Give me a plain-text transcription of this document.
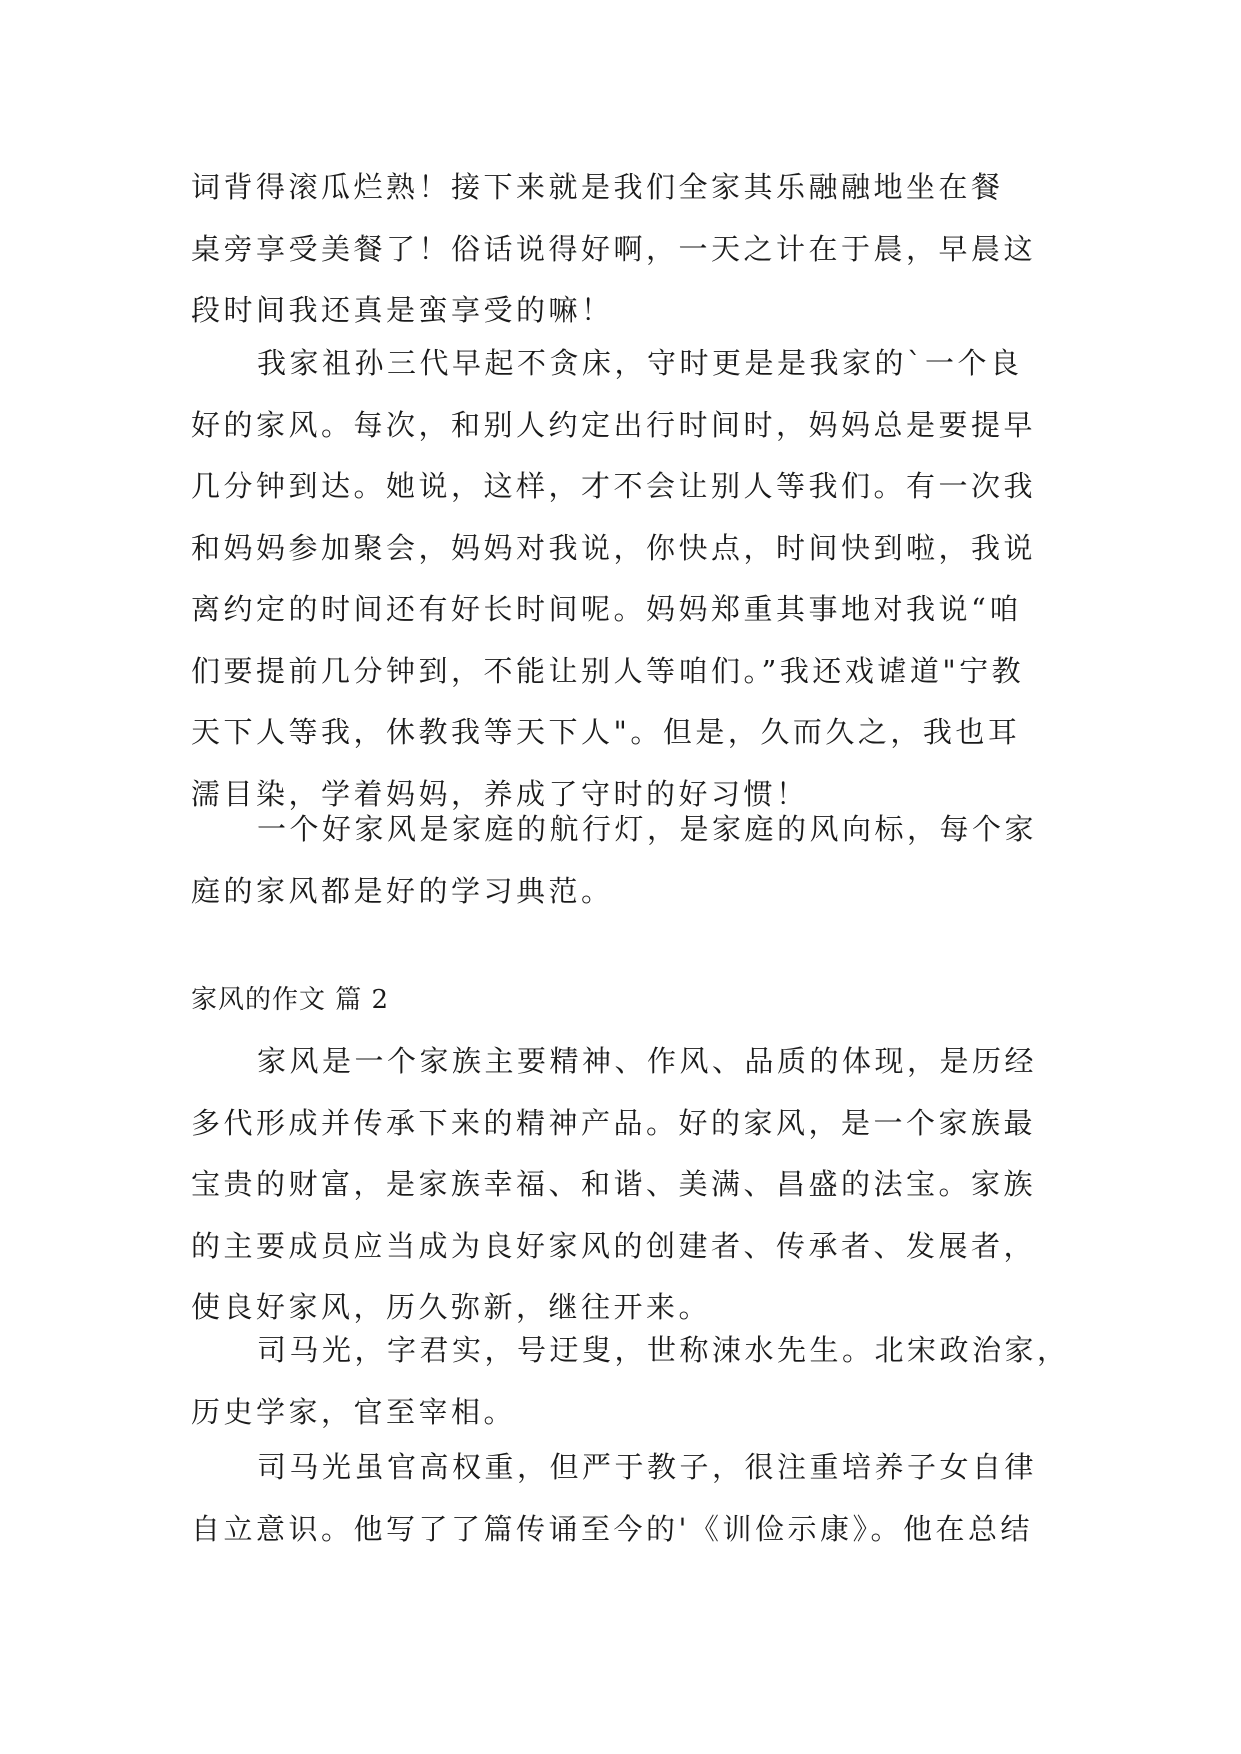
词背得滚瓜烂熟！接下来就是我们全家其乐融融地坐在餐
桌旁享受美餐了！俗话说得好啊，一天之计在于晨，早晨这
段时间我还真是蛮享受的嘛！
我家祖孙三代早起不贪床，守时更是是我家的`一个良
好的家风。每次，和别人约定出行时间时，妈妈总是要提早
几分钟到达。她说，这样，才不会让别人等我们。有一次我
和妈妈参加聚会，妈妈对我说，你快点，时间快到啦，我说
离约定的时间还有好长时间呢。妈妈郑重其事地对我说“咱
们要提前几分钟到，不能让别人等咱们。”我还戏谑道"宁教
天下人等我，休教我等天下人"。但是，久而久之，我也耳
濡目染，学着妈妈，养成了守时的好习惯！
一个好家风是家庭的航行灯，是家庭的风向标，每个家
庭的家风都是好的学习典范。
家风的作文 篇 2
家风是一个家族主要精神、作风、品质的体现，是历经
多代形成并传承下来的精神产品。好的家风，是一个家族最
宝贵的财富，是家族幸福、和谐、美满、昌盛的法宝。家族
的主要成员应当成为良好家风的创建者、传承者、发展者，
使良好家风，历久弥新，继往开来。
司马光，字君实，号迂叟，世称涑水先生。北宋政治家，
历史学家，官至宰相。
司马光虽官高权重，但严于教子，很注重培养子女自律
自立意识。他写了了篇传诵至今的'《训俭示康》。他在总结
